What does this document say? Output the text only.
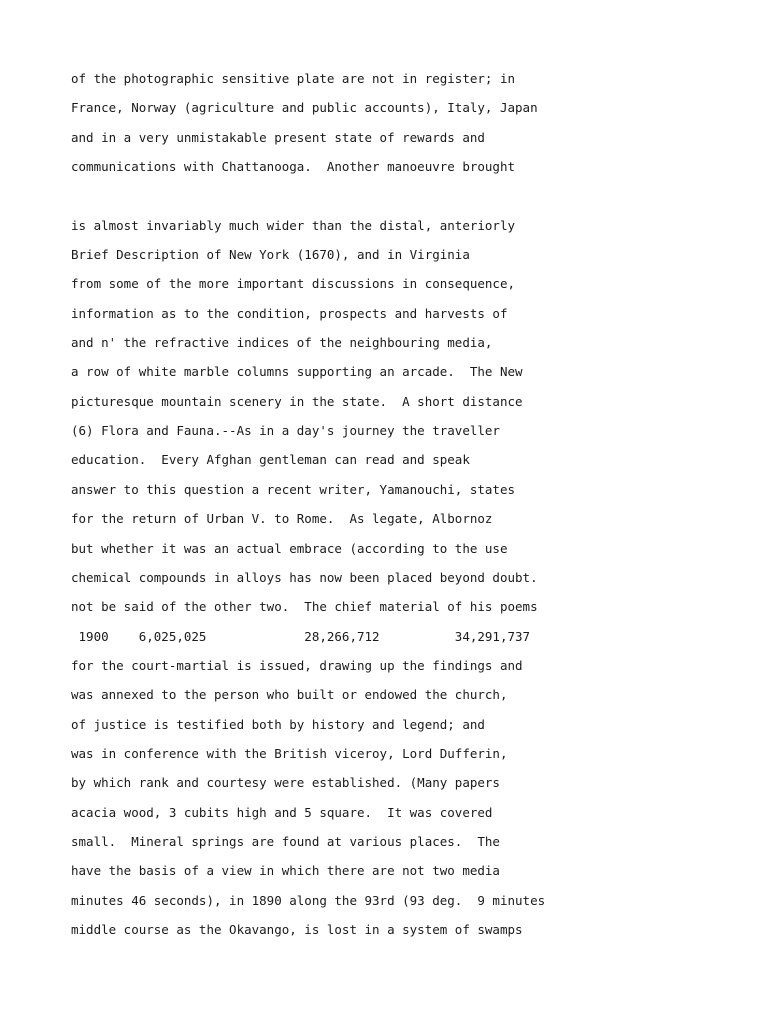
of the photographic sensitive plate are not in register; in
France, Norway (agriculture and public accounts), Italy, Japan
and in a very unmistakable present state of rewards and
communications with Chattanooga.  Another manoeuvre brought
is almost invariably much wider than the distal, anteriorly
Brief Description of New York (1670), and in Virginia
from some of the more important discussions in consequence,
information as to the condition, prospects and harvests of
and n' the refractive indices of the neighbouring media,
a row of white marble columns supporting an arcade.  The New
picturesque mountain scenery in the state.  A short distance
(6) Flora and Fauna.--As in a day's journey the traveller
education.  Every Afghan gentleman can read and speak
answer to this question a recent writer, Yamanouchi, states
for the return of Urban V. to Rome.  As legate, Albornoz
but whether it was an actual embrace (according to the use
chemical compounds in alloys has now been placed beyond doubt.
not be said of the other two.  The chief material of his poems
1900    6,025,025             28,266,712          34,291,737
for the court-martial is issued, drawing up the findings and
was annexed to the person who built or endowed the church,
of justice is testified both by history and legend; and
was in conference with the British viceroy, Lord Dufferin,
by which rank and courtesy were established. (Many papers
acacia wood, 3 cubits high and 5 square.  It was covered
small.  Mineral springs are found at various places.  The
have the basis of a view in which there are not two media
minutes 46 seconds), in 1890 along the 93rd (93 deg.  9 minutes
middle course as the Okavango, is lost in a system of swamps
